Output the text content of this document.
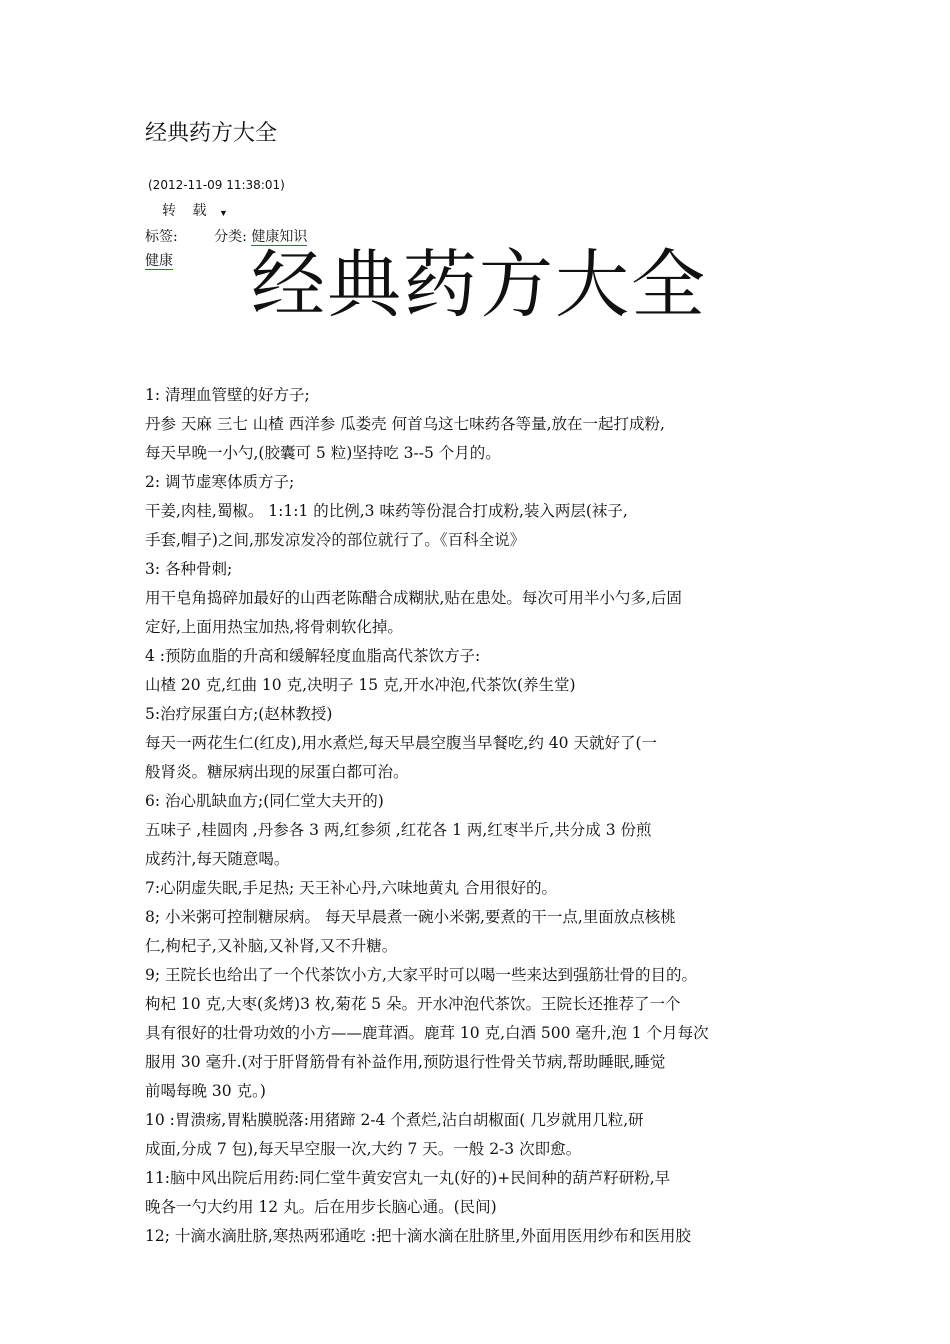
经典药方大全
(2012-11-09 11:38:01)
转 载 ▼
标签:	分类: 健康知识
健康 经典药方大全

1: 清理血管壁的好方子;

丹参 天麻 三七 山楂 西洋参 瓜娄壳 何首乌这七味药各等量,放在一起打成粉,

每天早晚一小勺,(胶囊可 5 粒)坚持吃 3--5 个月的。

2: 调节虚寒体质方子;

干姜,肉桂,蜀椒。 1:1:1 的比例,3 味药等份混合打成粉,装入两层(袜子,

手套,帽子)之间,那发凉发冷的部位就行了。《百科全说》

3: 各种骨刺;

用干皂角捣碎加最好的山西老陈醋合成糊狀,贴在患处。每次可用半小勺多,后固

定好,上面用热宝加热,将骨刺软化掉。

4 :预防血脂的升高和缓解轻度血脂高代茶饮方子:

山楂 20 克,红曲 10 克,决明子 15 克,开水冲泡,代茶饮(养生堂)

5:治疗尿蛋白方;(赵林教授)

每天一两花生仁(红皮),用水煮烂,每天早晨空腹当早餐吃,约 40 天就好了(一

般肾炎。糖尿病出现的尿蛋白都可治。

6: 治心肌缺血方;(同仁堂大夫开的)

五味子 ,桂圆肉 ,丹参各 3 两,红参须 ,红花各 1 两,红枣半斤,共分成 3 份煎

成药汁,每天随意喝。

7:心阴虚失眠,手足热; 天王补心丹,六味地黄丸 合用很好的。

8; 小米粥可控制糖尿病。 每天早晨煮一碗小米粥,要煮的干一点,里面放点核桃

仁,枸杞子,又补脑,又补肾,又不升糖。

9; 王院长也给出了一个代茶饮小方,大家平时可以喝一些来达到强筋壮骨的目的。

枸杞 10 克,大枣(炙烤)3 枚,菊花 5 朵。开水冲泡代茶饮。王院长还推荐了一个

具有很好的壮骨功效的小方——鹿茸酒。鹿茸 10 克,白酒 500 毫升,泡 1 个月每次

服用 30 毫升.(对于肝肾筋骨有补益作用,预防退行性骨关节病,帮助睡眠,睡觉

前喝每晚 30 克。)

10 :胃溃疡,胃粘膜脱落:用猪蹄 2-4 个煮烂,沾白胡椒面( 几岁就用几粒,研

成面,分成 7 包),每天早空服一次,大约 7 天。一般 2-3 次即愈。

11:脑中风出院后用药:同仁堂牛黄安宫丸一丸(好的)+民间种的葫芦籽研粉,早

晚各一勺大约用 12 丸。后在用步长脑心通。(民间)

12; 十滴水滴肚脐,寒热两邪通吃 :把十滴水滴在肚脐里,外面用医用纱布和医用胶
